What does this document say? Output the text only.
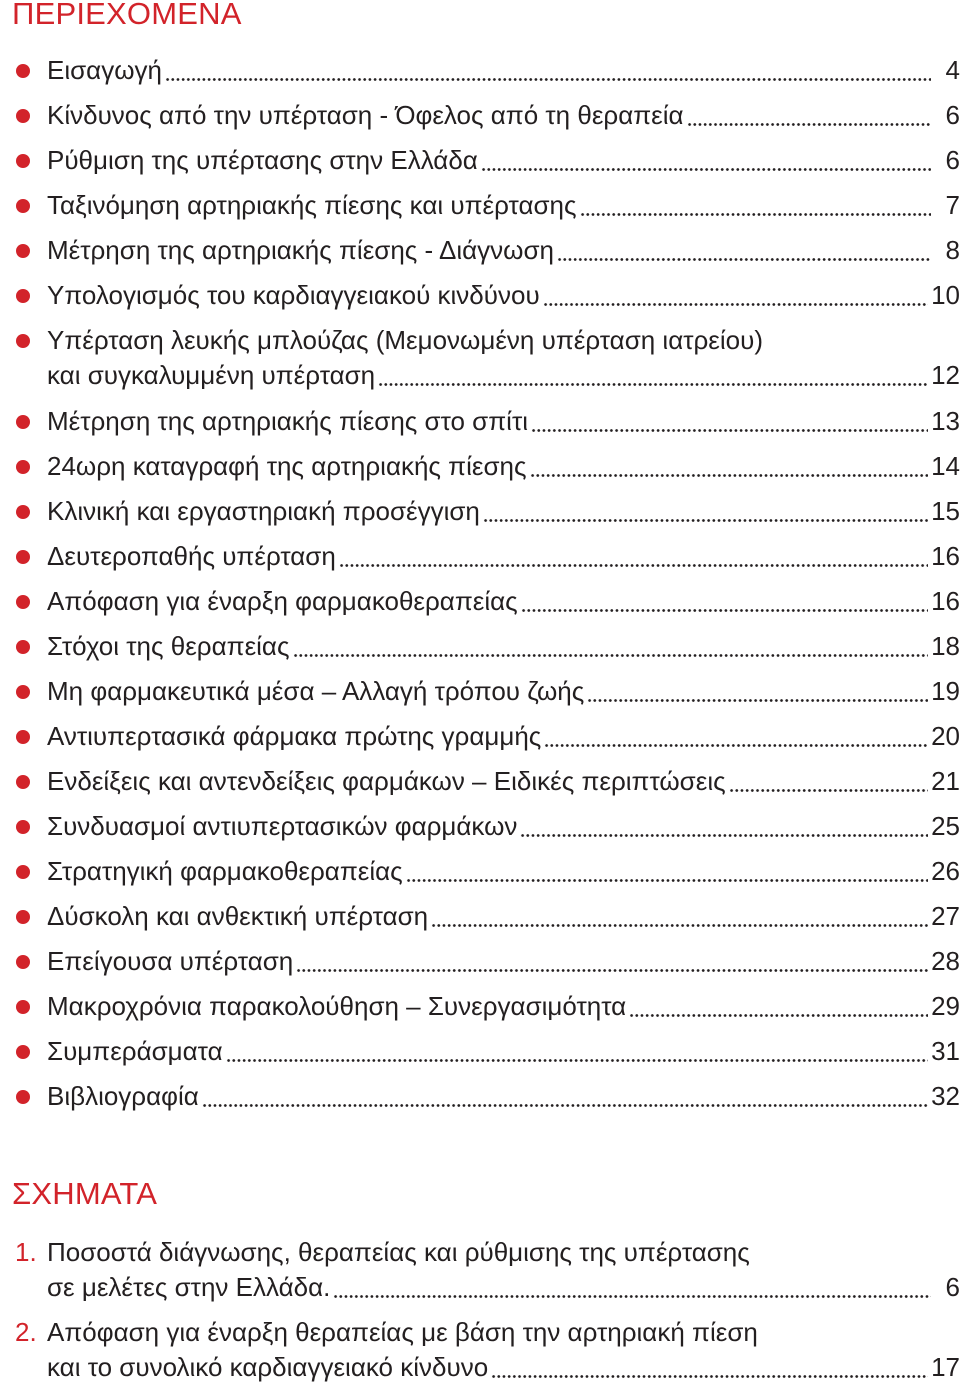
ΠΕΡΙΕΧΟΜΕΝΑ
Εισαγωγή	4
Κίνδυνος από την υπέρταση - Όφελος από τη θεραπεία	6
Ρύθμιση της υπέρτασης στην Ελλάδα	6
Ταξινόμηση αρτηριακής πίεσης και υπέρτασης	7
Μέτρηση της αρτηριακής πίεσης - Διάγνωση	8
Υπολογισμός του καρδιαγγειακού κινδύνου	10
Υπέρταση λευκής μπλούζας (Μεμονωμένη υπέρταση ιατρείου)
και συγκαλυμμένη υπέρταση	12
Μέτρηση της αρτηριακής πίεσης στο σπίτι	13
24ωρη καταγραφή της αρτηριακής πίεσης	14
Κλινική και εργαστηριακή προσέγγιση	15
Δευτεροπαθής υπέρταση	16
Απόφαση για έναρξη φαρμακοθεραπείας	16
Στόχοι της θεραπείας	18
Μη φαρμακευτικά μέσα – Αλλαγή τρόπου ζωής	19
Αντιυπερτασικά φάρμακα πρώτης γραμμής	20
Ενδείξεις και αντενδείξεις φαρμάκων – Ειδικές περιπτώσεις	21
Συνδυασμοί αντιυπερτασικών φαρμάκων	25
Στρατηγική φαρμακοθεραπείας	26
Δύσκολη και ανθεκτική υπέρταση	27
Επείγουσα υπέρταση	28
Μακροχρόνια παρακολούθηση – Συνεργασιμότητα	29
Συμπεράσματα	31
Βιβλιογραφία	32
ΣΧΗΜΑΤΑ
1. Ποσοστά διάγνωσης, θεραπείας και ρύθμισης της υπέρτασης
σε μελέτες στην Ελλάδα.	6
2. Απόφαση για έναρξη θεραπείας με βάση την αρτηριακή πίεση
και το συνολικό καρδιαγγειακό κίνδυνο	17
